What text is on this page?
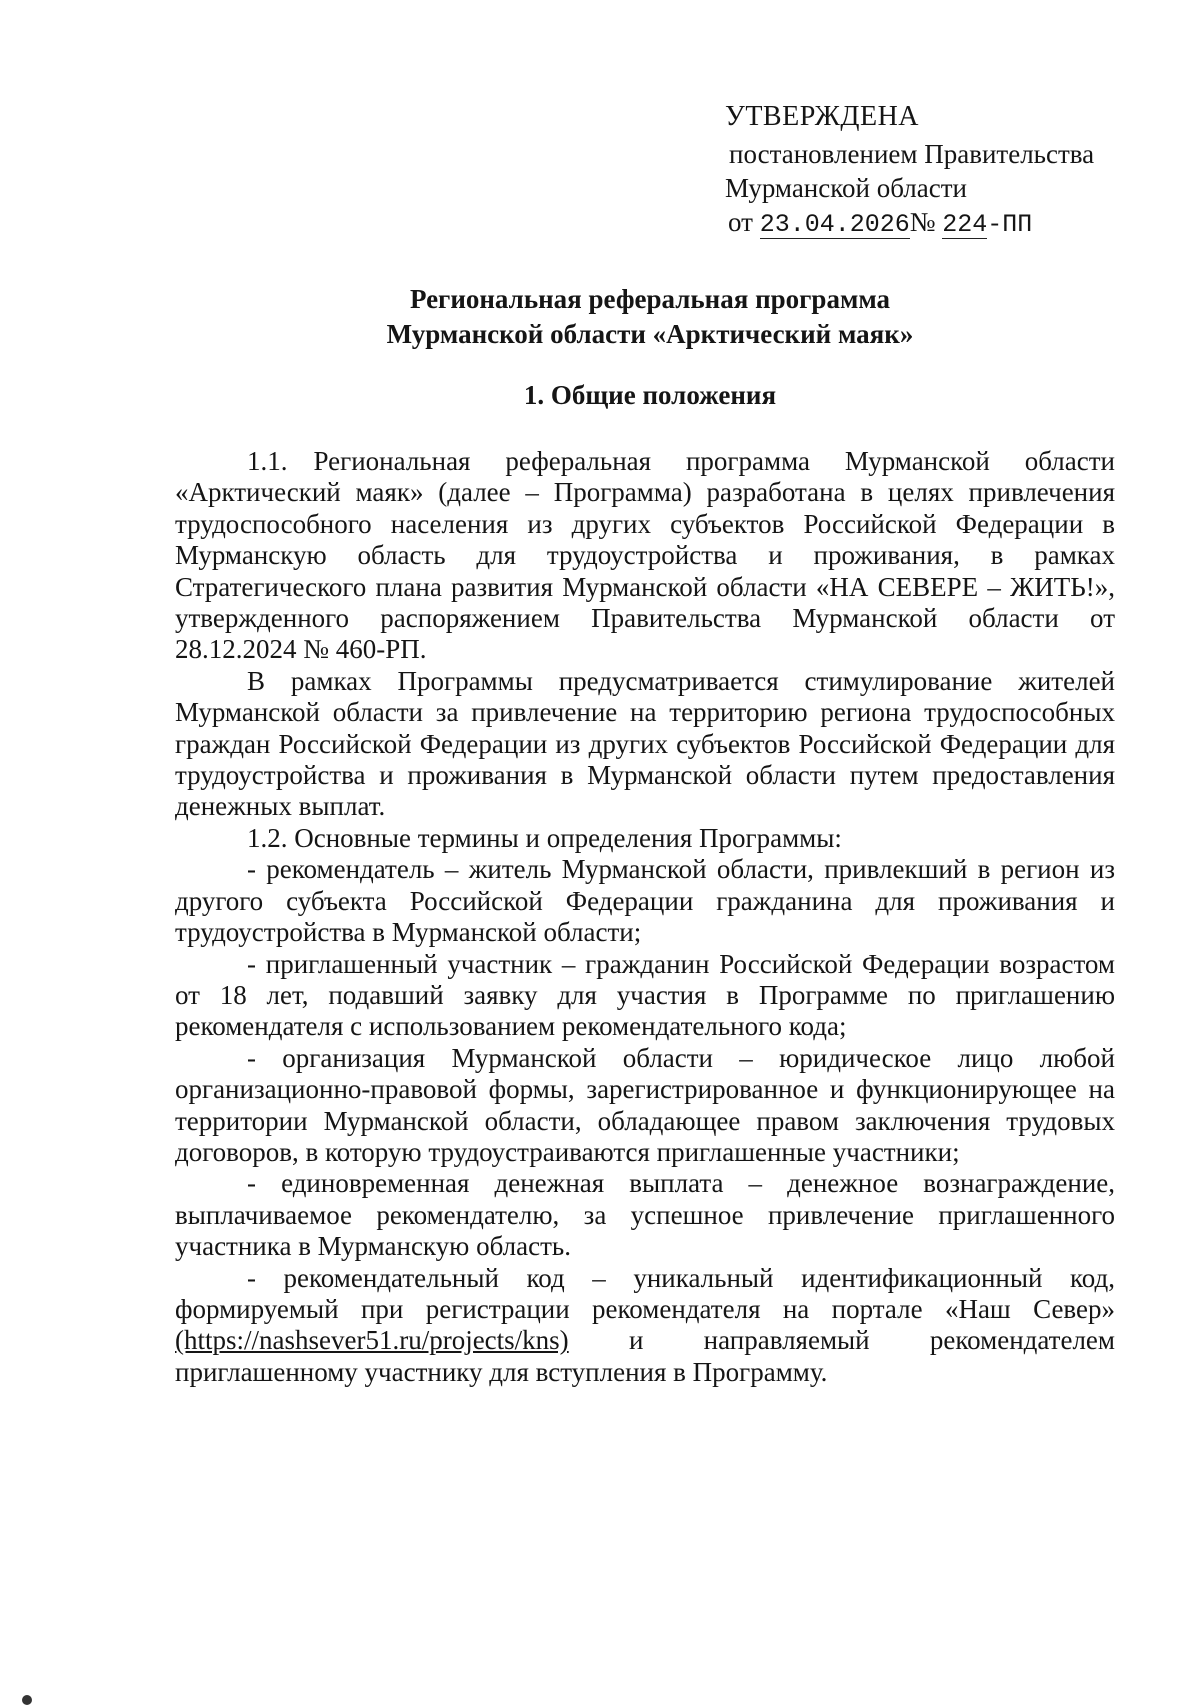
УТВЕРЖДЕНА
постановлением Правительства
Мурманской области
от 23.04.2026№ 224-ПП
Региональная реферальная программа
Мурманской области «Арктический маяк»
1. Общие положения

1.1. Региональная реферальная программа Мурманской области «Арктический маяк» (далее – Программа) разработана в целях привлечения трудоспособного населения из других субъектов Российской Федерации в Мурманскую область для трудоустройства и проживания, в рамках Стратегического плана развития Мурманской области «НА СЕВЕРЕ – ЖИТЬ!», утвержденного распоряжением Правительства Мурманской области от 28.12.2024 № 460-РП.

В рамках Программы предусматривается стимулирование жителей Мурманской области за привлечение на территорию региона трудоспособных граждан Российской Федерации из других субъектов Российской Федерации для трудоустройства и проживания в Мурманской области путем предоставления денежных выплат.

1.2. Основные термины и определения Программы:

- рекомендатель – житель Мурманской области, привлекший в регион из другого субъекта Российской Федерации гражданина для проживания и трудоустройства в Мурманской области;

- приглашенный участник – гражданин Российской Федерации возрастом от 18 лет, подавший заявку для участия в Программе по приглашению рекомендателя с использованием рекомендательного кода;

- организация Мурманской области – юридическое лицо любой организационно-правовой формы, зарегистрированное и функционирующее на территории Мурманской области, обладающее правом заключения трудовых договоров, в которую трудоустраиваются приглашенные участники;

- единовременная денежная выплата – денежное вознаграждение, выплачиваемое рекомендателю, за успешное привлечение приглашенного участника в Мурманскую область.

- рекомендательный код – уникальный идентификационный код, формируемый при регистрации рекомендателя на портале «Наш Север» (https://nashsever51.ru/projects/kns) и направляемый рекомендателем приглашенному участнику для вступления в Программу.
